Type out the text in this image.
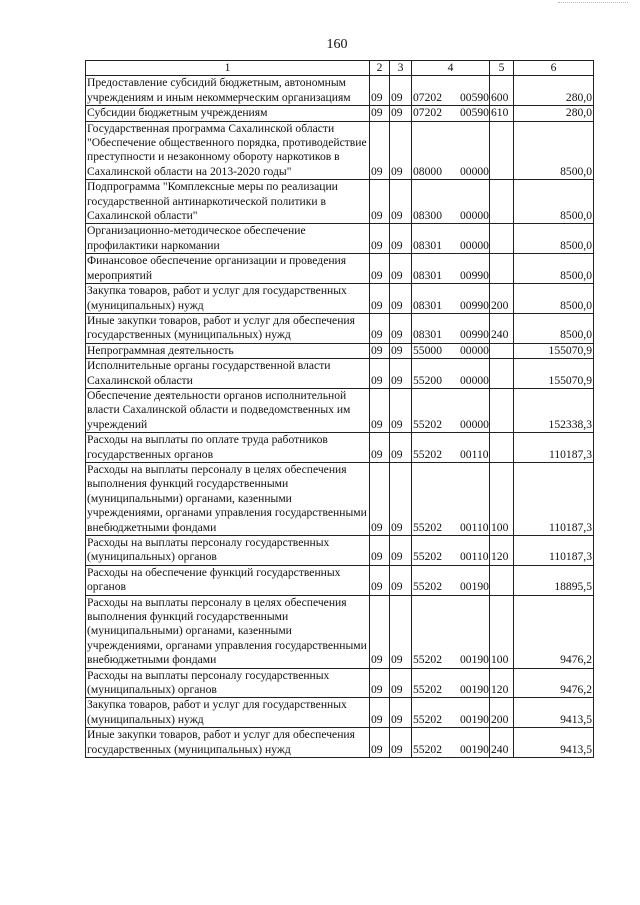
160
1	2	3	4	5	6
Предоставление субсидий бюджетным, автономным учреждениям и иным некоммерческим организациям	09	09	07202 00590	600	280,0
Субсидии бюджетным учреждениям	09	09	07202 00590	610	280,0
Государственная программа Сахалинской области "Обеспечение общественного порядка, противодействие преступности и незаконному обороту наркотиков в Сахалинской области на 2013-2020 годы"	09	09	08000 00000		8500,0
Подпрограмма "Комплексные меры по реализации государственной антинаркотической политики в Сахалинской области"	09	09	08300 00000		8500,0
Организационно-методическое обеспечение профилактики наркомании	09	09	08301 00000		8500,0
Финансовое обеспечение организации и проведения мероприятий	09	09	08301 00990		8500,0
Закупка товаров, работ и услуг для государственных (муниципальных) нужд	09	09	08301 00990	200	8500,0
Иные закупки товаров, работ и услуг для обеспечения государственных (муниципальных) нужд	09	09	08301 00990	240	8500,0
Непрограммная деятельность	09	09	55000 00000		155070,9
Исполнительные органы государственной власти Сахалинской области	09	09	55200 00000		155070,9
Обеспечение деятельности органов исполнительной власти Сахалинской области и подведомственных им учреждений	09	09	55202 00000		152338,3
Расходы на выплаты по оплате труда работников государственных органов	09	09	55202 00110		110187,3
Расходы на выплаты персоналу в целях обеспечения выполнения функций государственными (муниципальными) органами, казенными учреждениями, органами управления государственными внебюджетными фондами	09	09	55202 00110	100	110187,3
Расходы на выплаты персоналу государственных (муниципальных) органов	09	09	55202 00110	120	110187,3
Расходы на обеспечение функций государственных органов	09	09	55202 00190		18895,5
Расходы на выплаты персоналу в целях обеспечения выполнения функций государственными (муниципальными) органами, казенными учреждениями, органами управления государственными внебюджетными фондами	09	09	55202 00190	100	9476,2
Расходы на выплаты персоналу государственных (муниципальных) органов	09	09	55202 00190	120	9476,2
Закупка товаров, работ и услуг для государственных (муниципальных) нужд	09	09	55202 00190	200	9413,5
Иные закупки товаров, работ и услуг для обеспечения государственных (муниципальных) нужд	09	09	55202 00190	240	9413,5
